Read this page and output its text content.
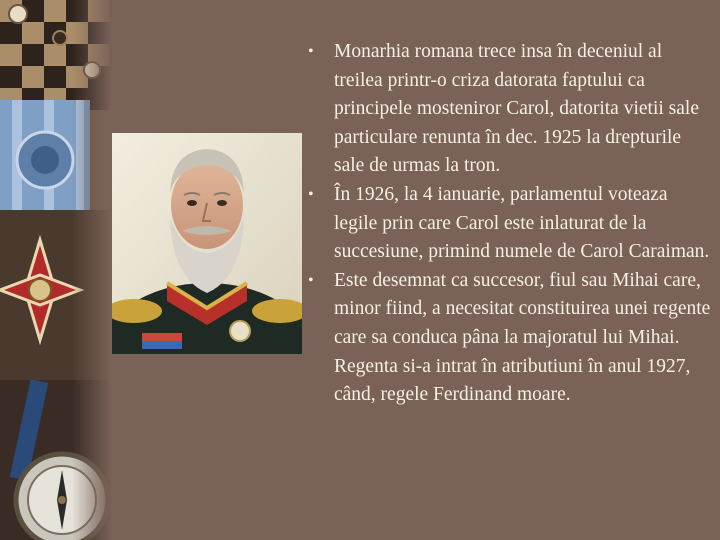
• Monarhia romana trece insa în deceniul al treilea printr-o criza datorata faptului ca principele mosteniror Carol, datorita vietii sale particulare renunta în dec. 1925 la drepturile sale de urmas la tron.
• În 1926, la 4 ianuarie, parlamentul voteaza legile prin care Carol este inlaturat de la succesiune, primind numele de Carol Caraiman.
• Este desemnat ca succesor, fiul sau Mihai care, minor fiind, a necesitat constituirea unei regente care sa conduca pâna la majoratul lui Mihai. Regenta si-a intrat în atributiuni în anul 1927, când, regele Ferdinand moare.
